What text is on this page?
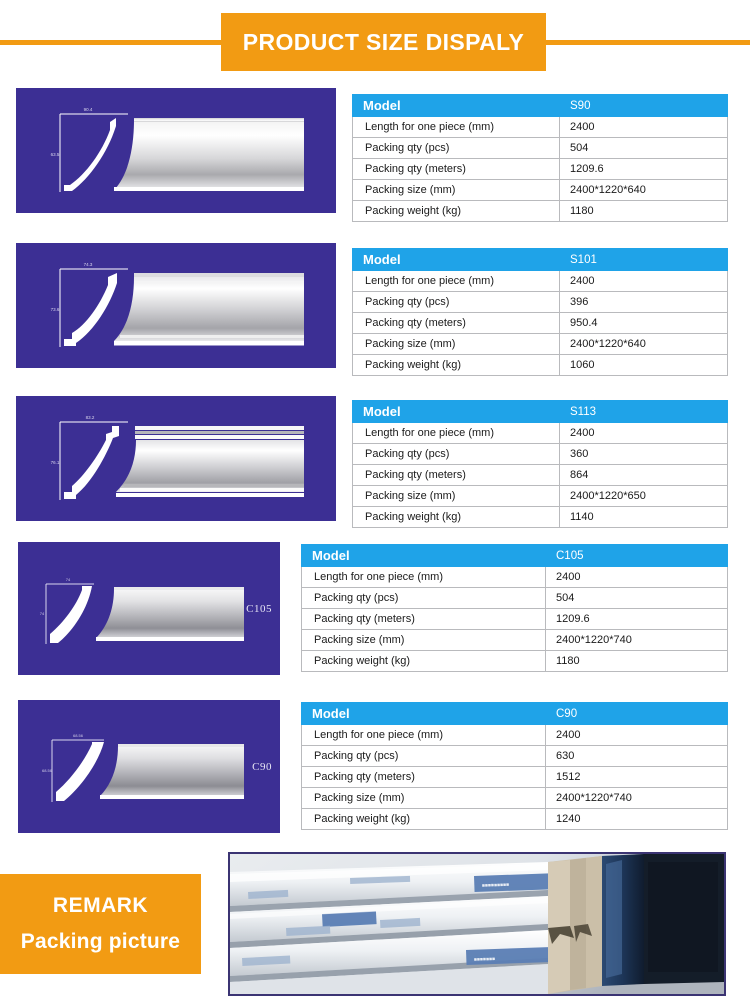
PRODUCT SIZE DISPALY
90.4
63.5
Model	S90
Length for one piece (mm)	2400
Packing qty (pcs)	504
Packing qty (meters)	1209.6
Packing size (mm)	2400*1220*640
Packing weight (kg)	1180
74.3
73.6
Model	S101
Length for one piece (mm)	2400
Packing qty (pcs)	396
Packing qty (meters)	950.4
Packing size (mm)	2400*1220*640
Packing weight (kg)	1060
83.2
76.1
Model	S113
Length for one piece (mm)	2400
Packing qty (pcs)	360
Packing qty (meters)	864
Packing size (mm)	2400*1220*650
Packing weight (kg)	1140
74
74	C105
Model	C105
Length for one piece (mm)	2400
Packing qty (pcs)	504
Packing qty (meters)	1209.6
Packing size (mm)	2400*1220*740
Packing weight (kg)	1180
68.56
68.56	C90
Model	C90
Length for one piece (mm)	2400
Packing qty (pcs)	630
Packing qty (meters)	1512
Packing size (mm)	2400*1220*740
Packing weight (kg)	1240
REMARK
Packing picture
■■■■■■■■■
■■■■■■■
